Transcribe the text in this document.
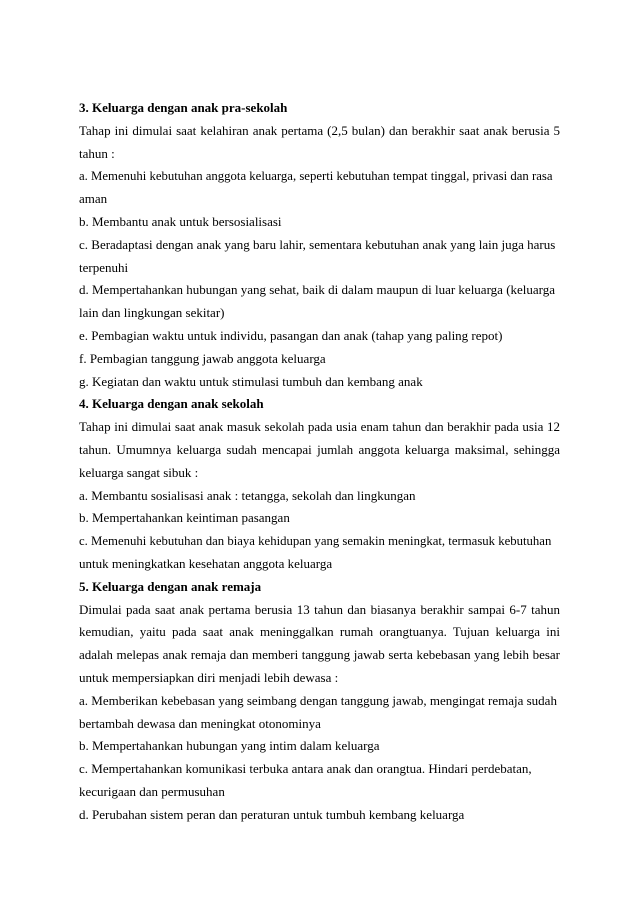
3. Keluarga dengan anak pra-sekolah
Tahap ini dimulai saat kelahiran anak pertama (2,5 bulan) dan berakhir saat anak berusia 5
tahun :
a. Memenuhi kebutuhan anggota keluarga, seperti kebutuhan tempat tinggal, privasi dan rasa
aman
b. Membantu anak untuk bersosialisasi
c. Beradaptasi dengan anak yang baru lahir, sementara kebutuhan anak yang lain juga harus
terpenuhi
d. Mempertahankan hubungan yang sehat, baik di dalam maupun di luar keluarga (keluarga
lain dan lingkungan sekitar)
e. Pembagian waktu untuk individu, pasangan dan anak (tahap yang paling repot)
f. Pembagian tanggung jawab anggota keluarga
g. Kegiatan dan waktu untuk stimulasi tumbuh dan kembang anak
4. Keluarga dengan anak sekolah
Tahap ini dimulai saat anak masuk sekolah pada usia enam tahun dan berakhir pada usia 12
tahun. Umumnya keluarga sudah mencapai jumlah anggota keluarga maksimal, sehingga
keluarga sangat sibuk :
a. Membantu sosialisasi anak : tetangga, sekolah dan lingkungan
b. Mempertahankan keintiman pasangan
c. Memenuhi kebutuhan dan biaya kehidupan yang semakin meningkat, termasuk kebutuhan
untuk meningkatkan kesehatan anggota keluarga
5. Keluarga dengan anak remaja
Dimulai pada saat anak pertama berusia 13 tahun dan biasanya berakhir sampai 6-7 tahun
kemudian, yaitu pada saat anak meninggalkan rumah orangtuanya. Tujuan keluarga ini
adalah melepas anak remaja dan memberi tanggung jawab serta kebebasan yang lebih besar
untuk mempersiapkan diri menjadi lebih dewasa :
a. Memberikan kebebasan yang seimbang dengan tanggung jawab, mengingat remaja sudah
bertambah dewasa dan meningkat otonominya
b. Mempertahankan hubungan yang intim dalam keluarga
c. Mempertahankan komunikasi terbuka antara anak dan orangtua. Hindari perdebatan,
kecurigaan dan permusuhan
d. Perubahan sistem peran dan peraturan untuk tumbuh kembang keluarga
